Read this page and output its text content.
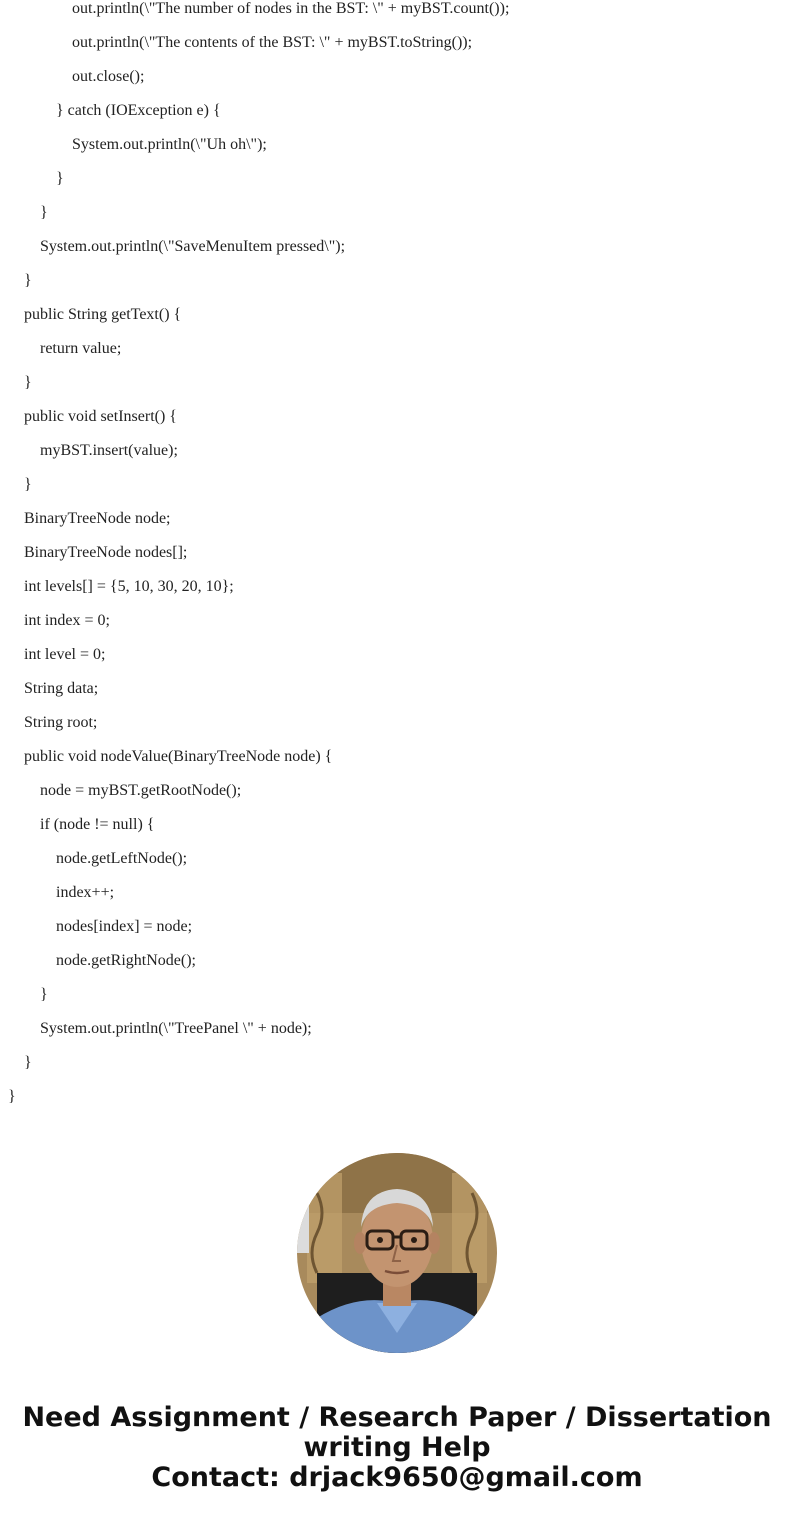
out.println(\"The number of nodes in the BST: \" + myBST.count());
out.println(\"The contents of the BST: \" + myBST.toString());
out.close();
} catch (IOException e) {
System.out.println(\"Uh oh\");
}
}
System.out.println(\"SaveMenuItem pressed\");
}
public String getText() {
return value;
}
public void setInsert() {
myBST.insert(value);
}
BinaryTreeNode node;
BinaryTreeNode nodes[];
int levels[] = {5, 10, 30, 20, 10};
int index = 0;
int level = 0;
String data;
String root;
public void nodeValue(BinaryTreeNode node) {
node = myBST.getRootNode();
if (node != null) {
node.getLeftNode();
index++;
nodes[index] = node;
node.getRightNode();
}
System.out.println(\"TreePanel \" + node);
}
}
Need Assignment / Research Paper / Dissertation
writing Help
Contact: drjack9650@gmail.com
